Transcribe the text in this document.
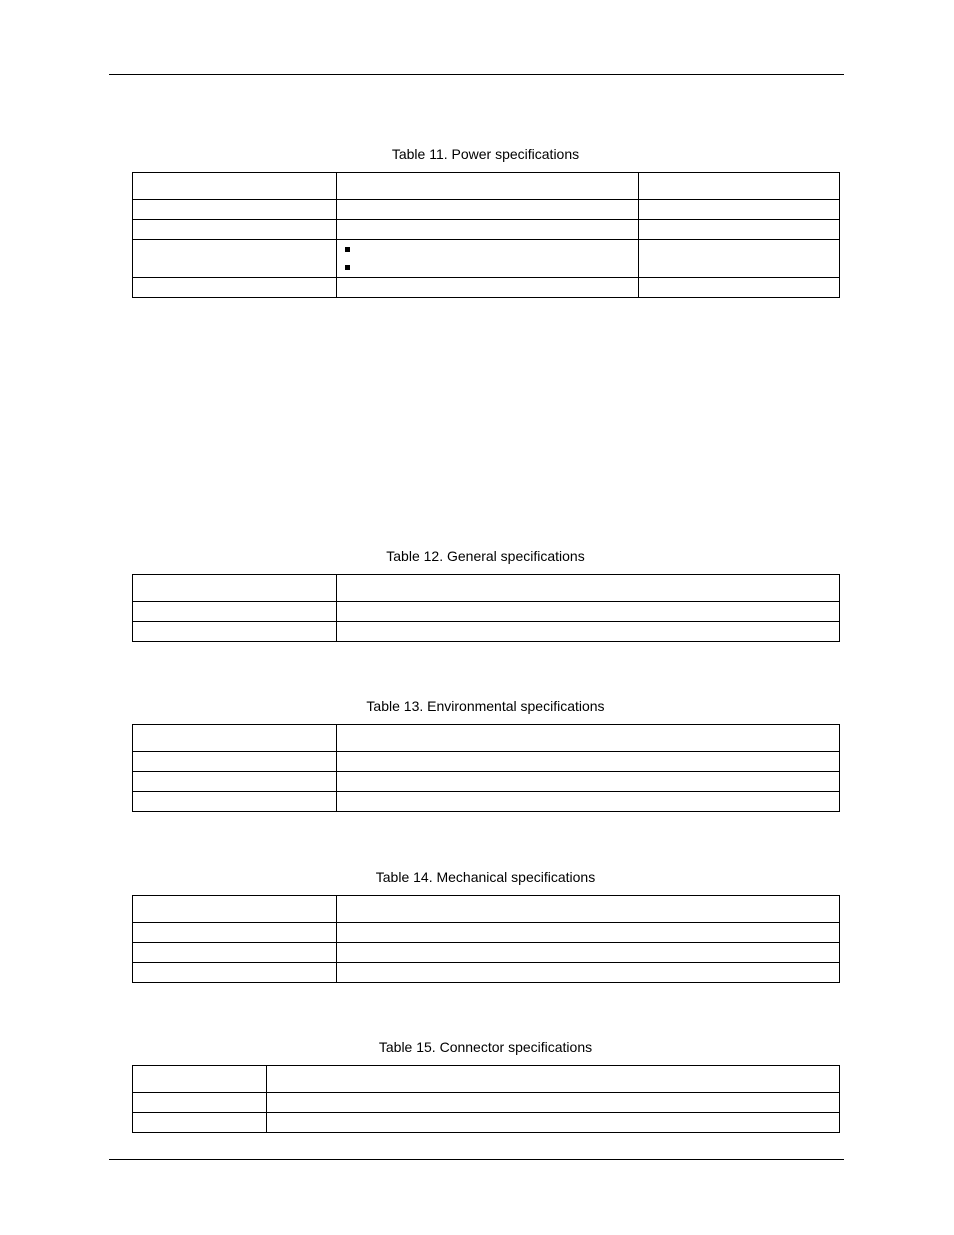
Table 11. Power specifications

Table 12. General specifications

Table 13. Environmental specifications

Table 14. Mechanical specifications

Table 15. Connector specifications
